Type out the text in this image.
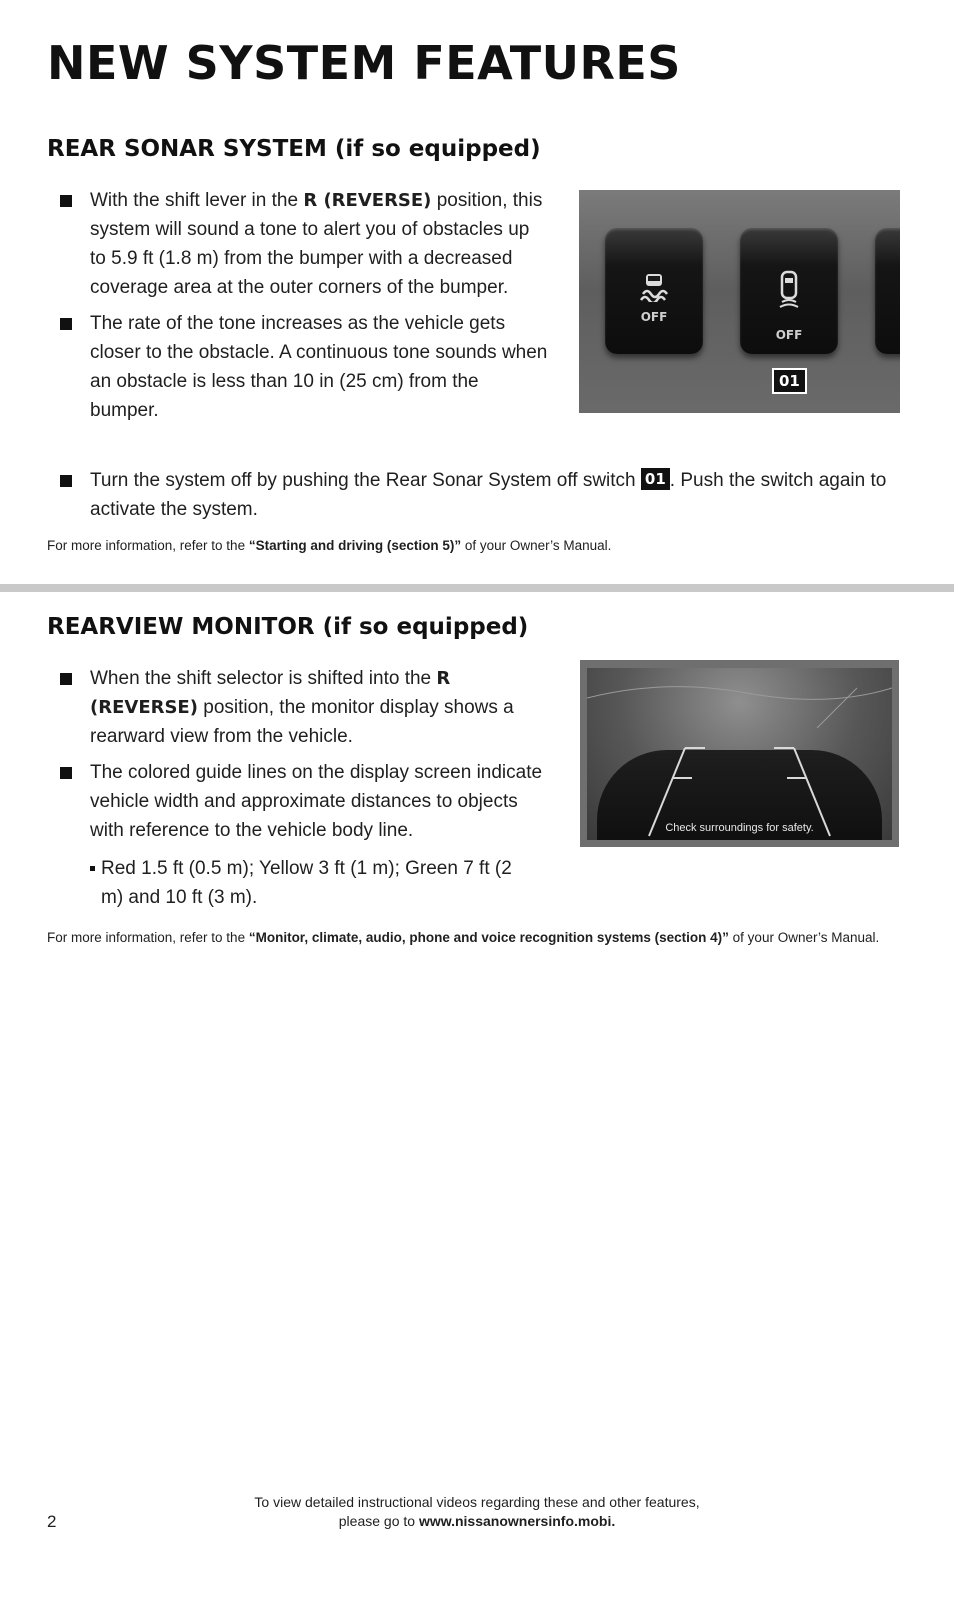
NEW SYSTEM FEATURES
REAR SONAR SYSTEM (if so equipped)
With the shift lever in the R (REVERSE) position, this system will sound a tone to alert you of obstacles up to 5.9 ft (1.8 m) from the bumper with a decreased coverage area at the outer corners of the bumper.
The rate of the tone increases as the vehicle gets closer to the obstacle. A continuous tone sounds when an obstacle is less than 10 in (25 cm) from the bumper.
Turn the system off by pushing the Rear Sonar System off switch 01 . Push the switch again to activate the system.

For more information, refer to the “Starting and driving (section 5)” of your Owner’s Manual.

OFF
OFF
01
REARVIEW MONITOR (if so equipped)
When the shift selector is shifted into the R (REVERSE) position, the monitor display shows a rearward view from the vehicle.
The colored guide lines on the display screen indicate vehicle width and approximate distances to objects with reference to the vehicle body line.
Red 1.5 ft (0.5 m); Yellow 3 ft (1 m); Green 7 ft (2 m) and 10 ft (3 m).

For more information, refer to the “Monitor, climate, audio, phone and voice recognition systems (section 4)” of your Owner’s Manual.

Check surroundings for safety.
To view detailed instructional videos regarding these and other features,
please go to www.nissanownersinfo.mobi.
2
